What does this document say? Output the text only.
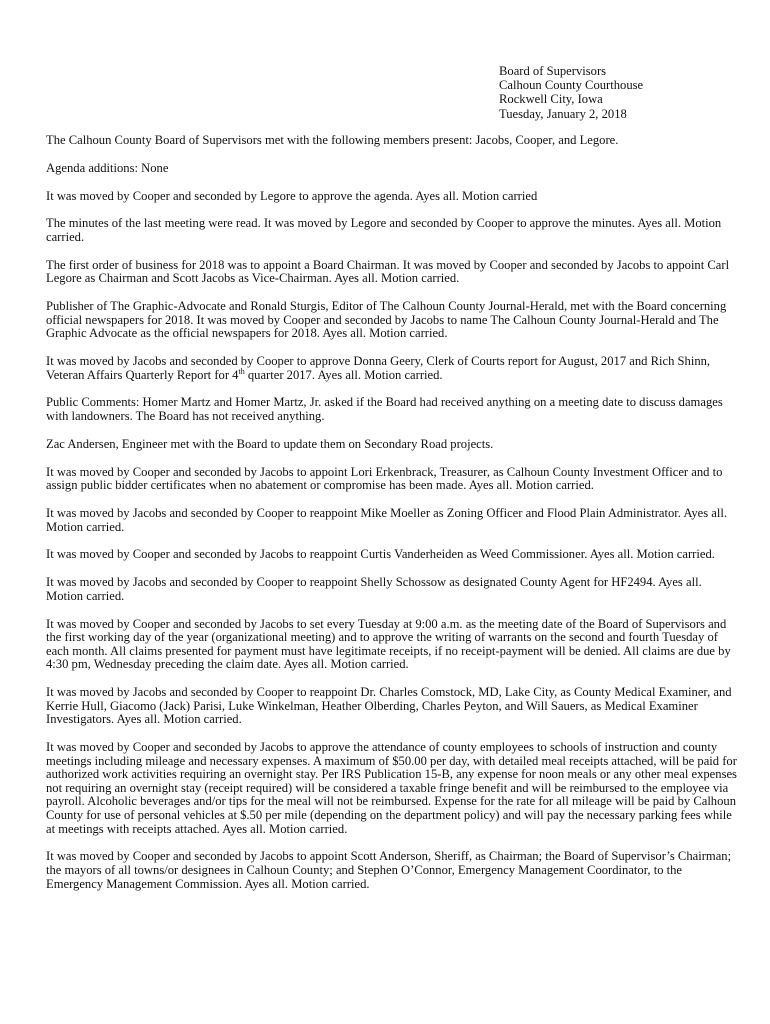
Board of Supervisors
Calhoun County Courthouse
Rockwell City, Iowa
Tuesday, January 2, 2018

The Calhoun County Board of Supervisors met with the following members present: Jacobs, Cooper, and Legore.

Agenda additions: None

It was moved by Cooper and seconded by Legore to approve the agenda. Ayes all. Motion carried

The minutes of the last meeting were read. It was moved by Legore and seconded by Cooper to approve the minutes. Ayes all. Motion carried.

The first order of business for 2018 was to appoint a Board Chairman. It was moved by Cooper and seconded by Jacobs to appoint Carl Legore as Chairman and Scott Jacobs as Vice-Chairman. Ayes all. Motion carried.

Publisher of The Graphic-Advocate and Ronald Sturgis, Editor of The Calhoun County Journal-Herald, met with the Board concerning official newspapers for 2018. It was moved by Cooper and seconded by Jacobs to name The Calhoun County Journal-Herald and The Graphic Advocate as the official newspapers for 2018. Ayes all. Motion carried.

It was moved by Jacobs and seconded by Cooper to approve Donna Geery, Clerk of Courts report for August, 2017 and Rich Shinn, Veteran Affairs Quarterly Report for 4th quarter 2017. Ayes all. Motion carried.

Public Comments: Homer Martz and Homer Martz, Jr. asked if the Board had received anything on a meeting date to discuss damages with landowners. The Board has not received anything.

Zac Andersen, Engineer met with the Board to update them on Secondary Road projects.

It was moved by Cooper and seconded by Jacobs to appoint Lori Erkenbrack, Treasurer, as Calhoun County Investment Officer and to assign public bidder certificates when no abatement or compromise has been made. Ayes all. Motion carried.

It was moved by Jacobs and seconded by Cooper to reappoint Mike Moeller as Zoning Officer and Flood Plain Administrator. Ayes all. Motion carried.

It was moved by Cooper and seconded by Jacobs to reappoint Curtis Vanderheiden as Weed Commissioner. Ayes all. Motion carried.

It was moved by Jacobs and seconded by Cooper to reappoint Shelly Schossow as designated County Agent for HF2494. Ayes all. Motion carried.

It was moved by Cooper and seconded by Jacobs to set every Tuesday at 9:00 a.m. as the meeting date of the Board of Supervisors and the first working day of the year (organizational meeting) and to approve the writing of warrants on the second and fourth Tuesday of each month. All claims presented for payment must have legitimate receipts, if no receipt-payment will be denied. All claims are due by 4:30 pm, Wednesday preceding the claim date. Ayes all. Motion carried.

It was moved by Jacobs and seconded by Cooper to reappoint Dr. Charles Comstock, MD, Lake City, as County Medical Examiner, and Kerrie Hull, Giacomo (Jack) Parisi, Luke Winkelman, Heather Olberding, Charles Peyton, and Will Sauers, as Medical Examiner Investigators. Ayes all. Motion carried.

It was moved by Cooper and seconded by Jacobs to approve the attendance of county employees to schools of instruction and county meetings including mileage and necessary expenses. A maximum of $50.00 per day, with detailed meal receipts attached, will be paid for authorized work activities requiring an overnight stay. Per IRS Publication 15-B, any expense for noon meals or any other meal expenses not requiring an overnight stay (receipt required) will be considered a taxable fringe benefit and will be reimbursed to the employee via payroll. Alcoholic beverages and/or tips for the meal will not be reimbursed. Expense for the rate for all mileage will be paid by Calhoun County for use of personal vehicles at $.50 per mile (depending on the department policy) and will pay the necessary parking fees while at meetings with receipts attached. Ayes all. Motion carried.

It was moved by Cooper and seconded by Jacobs to appoint Scott Anderson, Sheriff, as Chairman; the Board of Supervisor’s Chairman; the mayors of all towns/or designees in Calhoun County; and Stephen O’Connor, Emergency Management Coordinator, to the Emergency Management Commission. Ayes all. Motion carried.
